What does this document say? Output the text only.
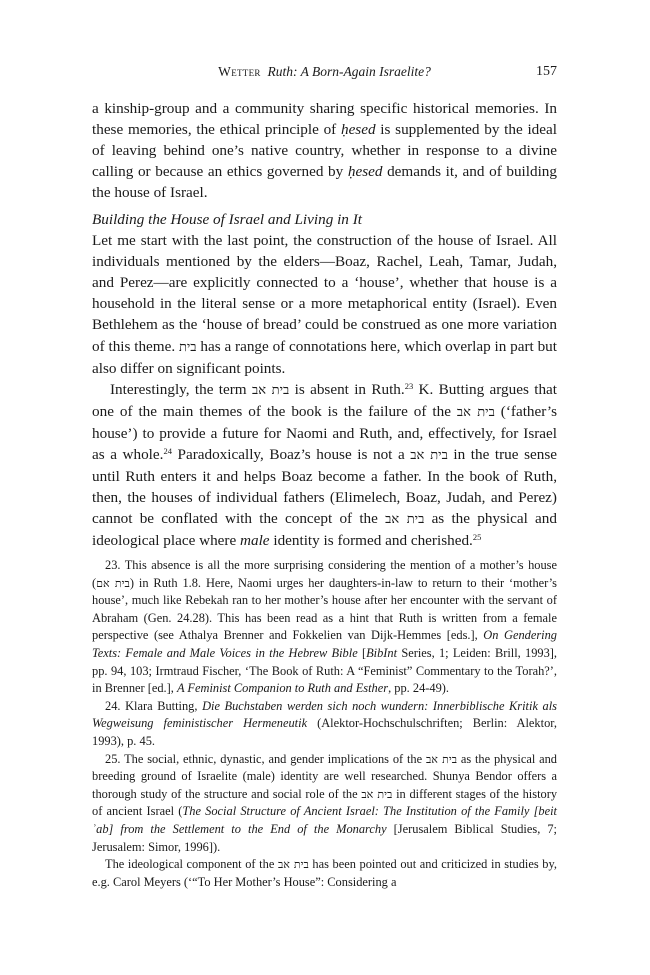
Wetter Ruth: A Born-Again Israelite?	157

a kinship-group and a community sharing specific historical memories. In these memories, the ethical principle of ḥesed is supplemented by the ideal of leaving behind one’s native country, whether in response to a divine calling or because an ethics governed by ḥesed demands it, and of building the house of Israel.

Building the House of Israel and Living in It

Let me start with the last point, the construction of the house of Israel. All individuals mentioned by the elders—Boaz, Rachel, Leah, Tamar, Judah, and Perez—are explicitly connected to a ‘house’, whether that house is a household in the literal sense or a more metaphorical entity (Israel). Even Bethlehem as the ‘house of bread’ could be construed as one more variation of this theme. בית has a range of connotations here, which overlap in part but also differ on significant points.

Interestingly, the term בית אב is absent in Ruth.$^{23}$ K. Butting argues that one of the main themes of the book is the failure of the בית אב (‘father’s house’) to provide a future for Naomi and Ruth, and, effectively, for Israel as a whole.$^{24}$ Paradoxically, Boaz’s house is not a בית אב in the true sense until Ruth enters it and helps Boaz become a father. In the book of Ruth, then, the houses of individual fathers (Elimelech, Boaz, Judah, and Perez) cannot be conflated with the concept of the בית אב as the physical and ideological place where male identity is formed and cherished.$^{25}$

23. This absence is all the more surprising considering the mention of a mother’s house (בית אם) in Ruth 1.8. Here, Naomi urges her daughters-in-law to return to their ‘mother’s house’, much like Rebekah ran to her mother’s house after her encounter with the servant of Abraham (Gen. 24.28). This has been read as a hint that Ruth is written from a female perspective (see Athalya Brenner and Fokkelien van Dijk-Hemmes [eds.], On Gendering Texts: Female and Male Voices in the Hebrew Bible [BibInt Series, 1; Leiden: Brill, 1993], pp. 94, 103; Irmtraud Fischer, ‘The Book of Ruth: A “Feminist” Commentary to the Torah?’, in Brenner [ed.], A Feminist Companion to Ruth and Esther, pp. 24-49).

24. Klara Butting, Die Buchstaben werden sich noch wundern: Innerbiblische Kritik als Wegweisung feministischer Hermeneutik (Alektor-Hochschulschriften; Berlin: Alektor, 1993), p. 45.

25. The social, ethnic, dynastic, and gender implications of the בית אב as the physical and breeding ground of Israelite (male) identity are well researched. Shunya Bendor offers a thorough study of the structure and social role of the בית אב in different stages of the history of ancient Israel (The Social Structure of Ancient Israel: The Institution of the Family [beit ʾab] from the Settlement to the End of the Monarchy [Jerusalem Biblical Studies, 7; Jerusalem: Simor, 1996]).

The ideological component of the בית אב has been pointed out and criticized in studies by, e.g. Carol Meyers (‘“To Her Mother’s House”: Considering a
